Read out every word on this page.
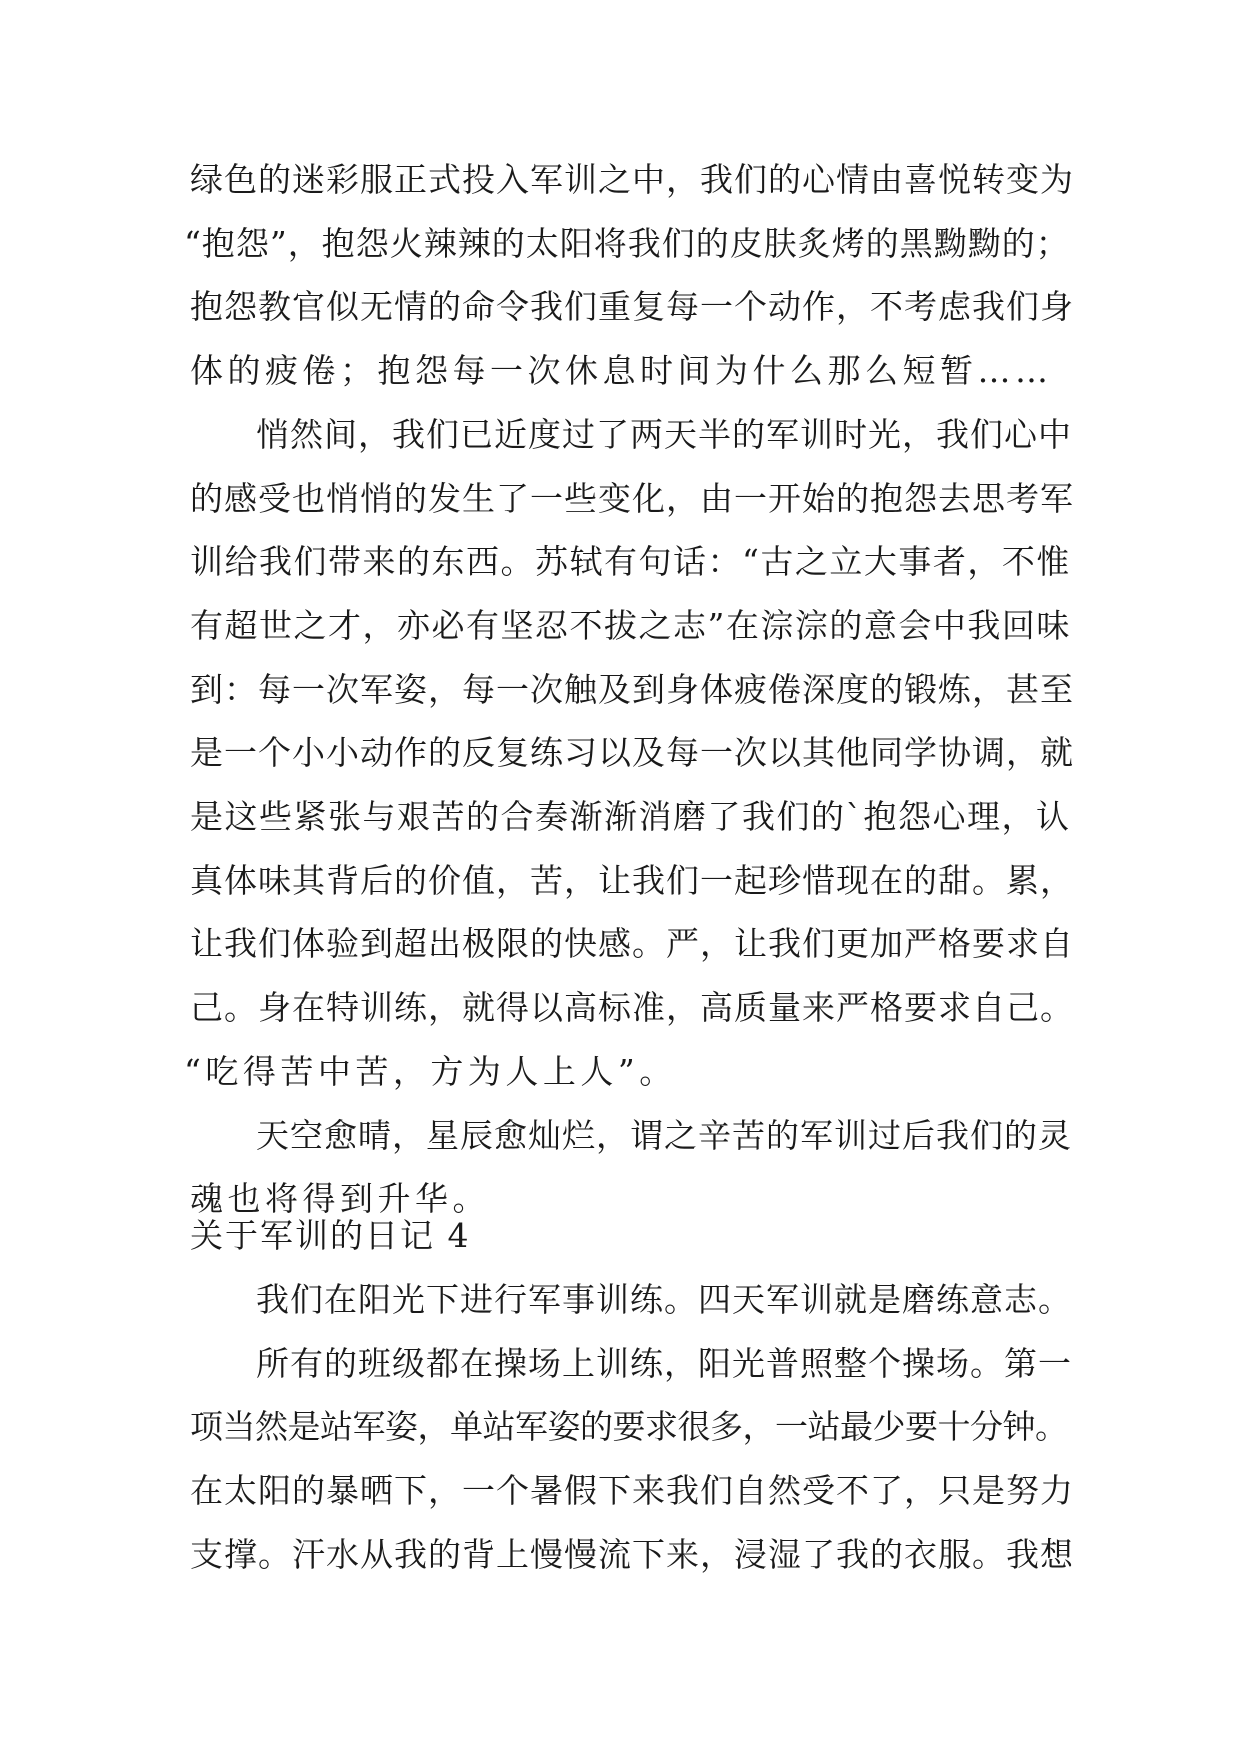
绿色的迷彩服正式投入军训之中，我们的心情由喜悦转变为
“抱怨”，抱怨火辣辣的太阳将我们的皮肤炙烤的黑黝黝的；
抱怨教官似无情的命令我们重复每一个动作，不考虑我们身
体的疲倦；抱怨每一次休息时间为什么那么短暂……
悄然间，我们已近度过了两天半的军训时光，我们心中
的感受也悄悄的发生了一些变化，由一开始的抱怨去思考军
训给我们带来的东西。苏轼有句话：“古之立大事者，不惟
有超世之才，亦必有坚忍不拔之志”在淙淙的意会中我回味
到：每一次军姿，每一次触及到身体疲倦深度的锻炼，甚至
是一个小小动作的反复练习以及每一次以其他同学协调，就
是这些紧张与艰苦的合奏渐渐消磨了我们的`抱怨心理，认
真体味其背后的价值，苦，让我们一起珍惜现在的甜。累，
让我们体验到超出极限的快感。严，让我们更加严格要求自
己。身在特训练，就得以高标准，高质量来严格要求自己。
“吃得苦中苦，方为人上人”。
天空愈晴，星辰愈灿烂，谓之辛苦的军训过后我们的灵
魂也将得到升华。
关于军训的日记 4
我们在阳光下进行军事训练。四天军训就是磨练意志。
所有的班级都在操场上训练，阳光普照整个操场。第一
项当然是站军姿，单站军姿的要求很多，一站最少要十分钟。
在太阳的暴晒下，一个暑假下来我们自然受不了，只是努力
支撑。汗水从我的背上慢慢流下来，浸湿了我的衣服。我想
